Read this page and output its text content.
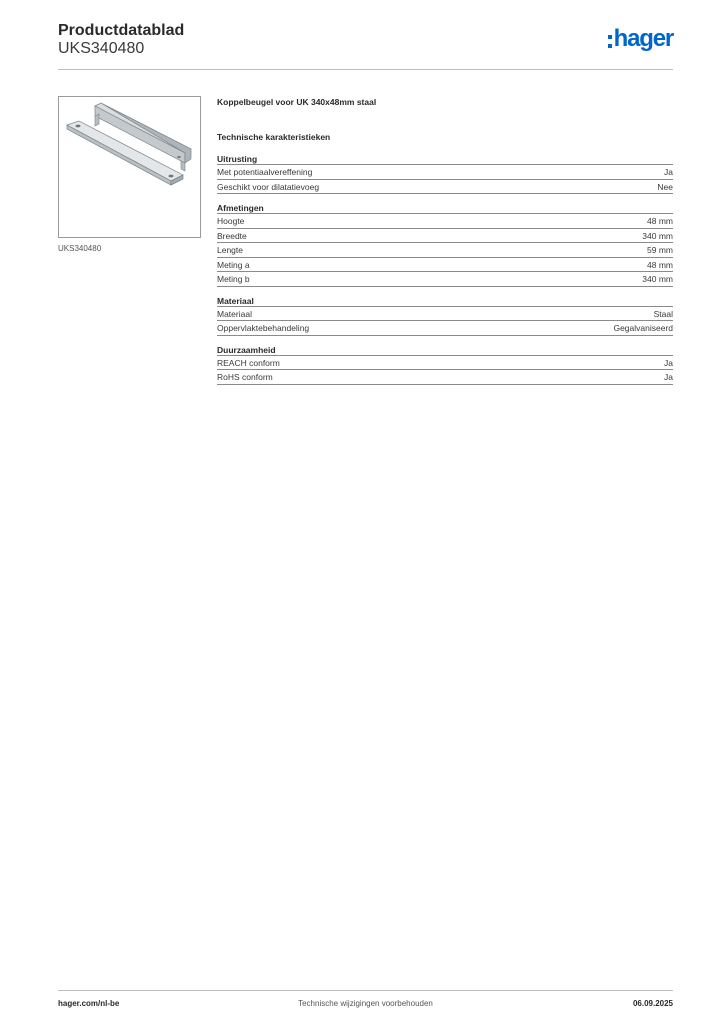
Productdatablad
UKS340480	hager
UKS340480
Koppelbeugel voor UK 340x48mm staal
Technische karakteristieken
Uitrusting
Met potentiaalvereffening	Ja
Geschikt voor dilatatievoeg	Nee
Afmetingen
Hoogte	48 mm
Breedte	340 mm
Lengte	59 mm
Meting a	48 mm
Meting b	340 mm
Materiaal
Materiaal	Staal
Oppervlaktebehandeling	Gegalvaniseerd
Duurzaamheid
REACH conform	Ja
RoHS conform	Ja
hager.com/nl-be	Technische wijzigingen voorbehouden	06.09.2025
